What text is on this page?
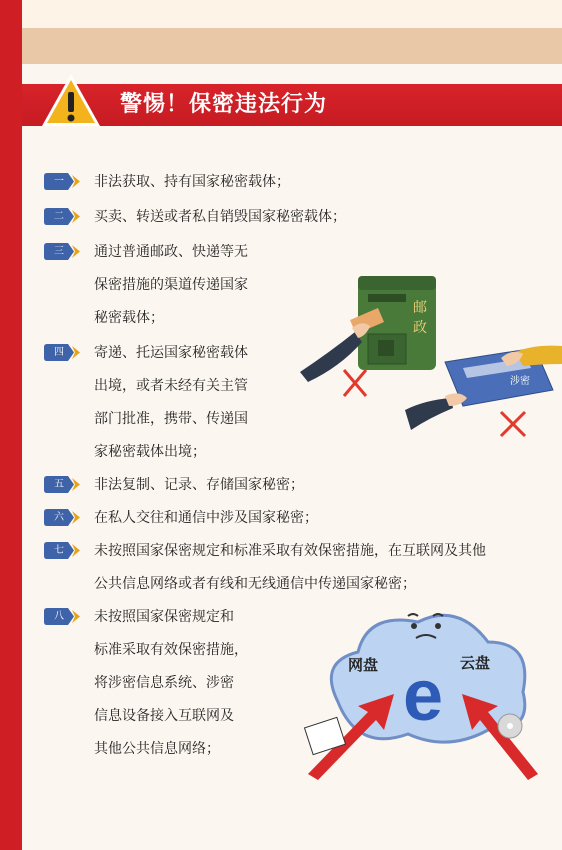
警惕！保密违法行为
一	非法获取、持有国家秘密载体；
二	买卖、转送或者私自销毁国家秘密载体；
三	通过普通邮政、快递等无
保密措施的渠道传递国家
秘密载体；
四	寄递、托运国家秘密载体
出境，或者未经有关主管
部门批准，携带、传递国
家秘密载体出境；
五	非法复制、记录、存储国家秘密；
六	在私人交往和通信中涉及国家秘密；
七	未按照国家保密规定和标准采取有效保密措施，在互联网及其他
公共信息网络或者有线和无线通信中传递国家秘密；
八	未按照国家保密规定和
标准采取有效保密措施，
将涉密信息系统、涉密
信息设备接入互联网及
其他公共信息网络；
邮政
涉密
e
网盘	云盘
